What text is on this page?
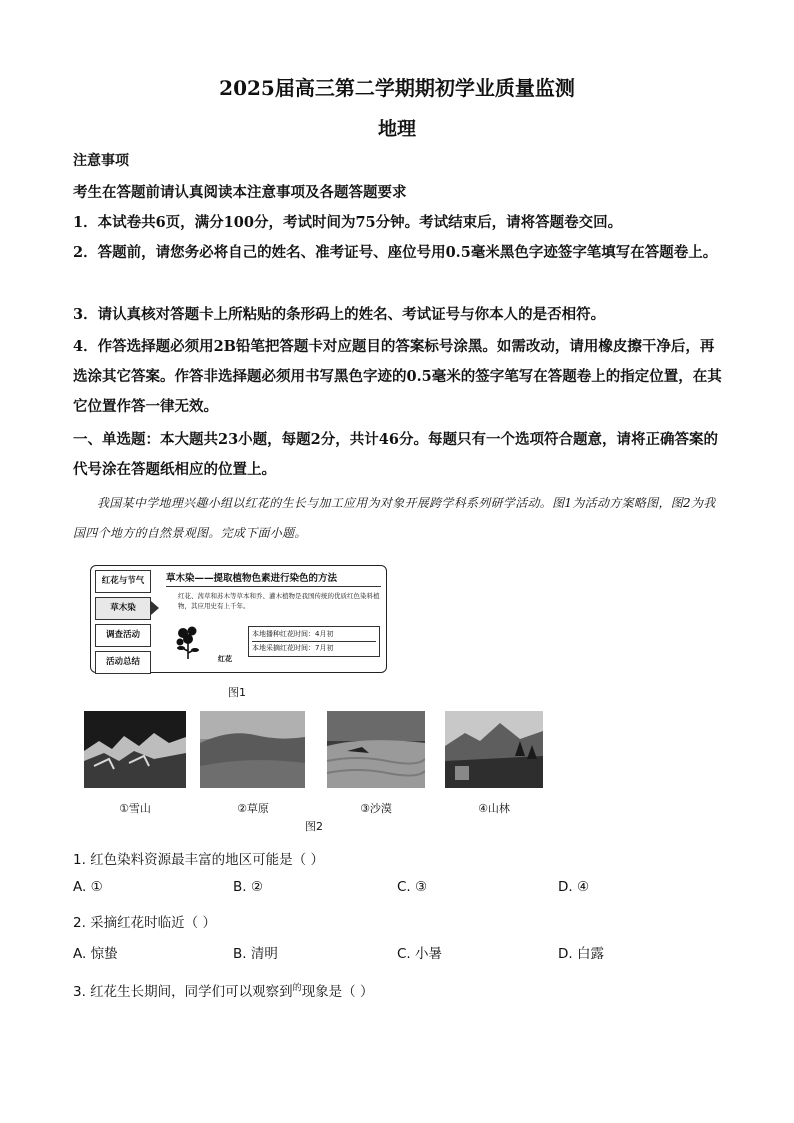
2025届高三第二学期期初学业质量监测
地理
注意事项
考生在答题前请认真阅读本注意事项及各题答题要求
1．本试卷共6页，满分100分，考试时间为75分钟。考试结束后，请将答题卷交回。
2．答题前，请您务必将自己的姓名、准考证号、座位号用0.5毫米黑色字迹签字笔填写在答题卷上。
3．请认真核对答题卡上所粘贴的条形码上的姓名、考试证号与你本人的是否相符。
4．作答选择题必须用2B铅笔把答题卡对应题目的答案标号涂黑。如需改动，请用橡皮擦干净后，再选涂其它答案。作答非选择题必须用书写黑色字迹的0.5毫米的签字笔写在答题卷上的指定位置，在其它位置作答一律无效。
一、单选题：本大题共23小题，每题2分，共计46分。每题只有一个选项符合题意，请将正确答案的代号涂在答题纸相应的位置上。
我国某中学地理兴趣小组以红花的生长与加工应用为对象开展跨学科系列研学活动。图1为活动方案略图，图2为我国四个地方的自然景观图。完成下面小题。
红花与节气
草木染
调查活动
活动总结
草木染——提取植物色素进行染色的方法
红花、茜草和苏木等草本和乔、灌木植物是我国传统的优质红色染料植物，其应用史有上千年。
红花
本地播种红花时间：4月初
本地采摘红花时间：7月初
图1
①雪山	②草原	③沙漠	④山林
图2
1. 红色染料资源最丰富的地区可能是（ ）
A. ①	B. ②	C. ③	D. ④
2. 采摘红花时临近（ ）
A. 惊蛰	B. 清明	C. 小暑	D. 白露
3. 红花生长期间，同学们可以观察到$^的$现象是（ ）
